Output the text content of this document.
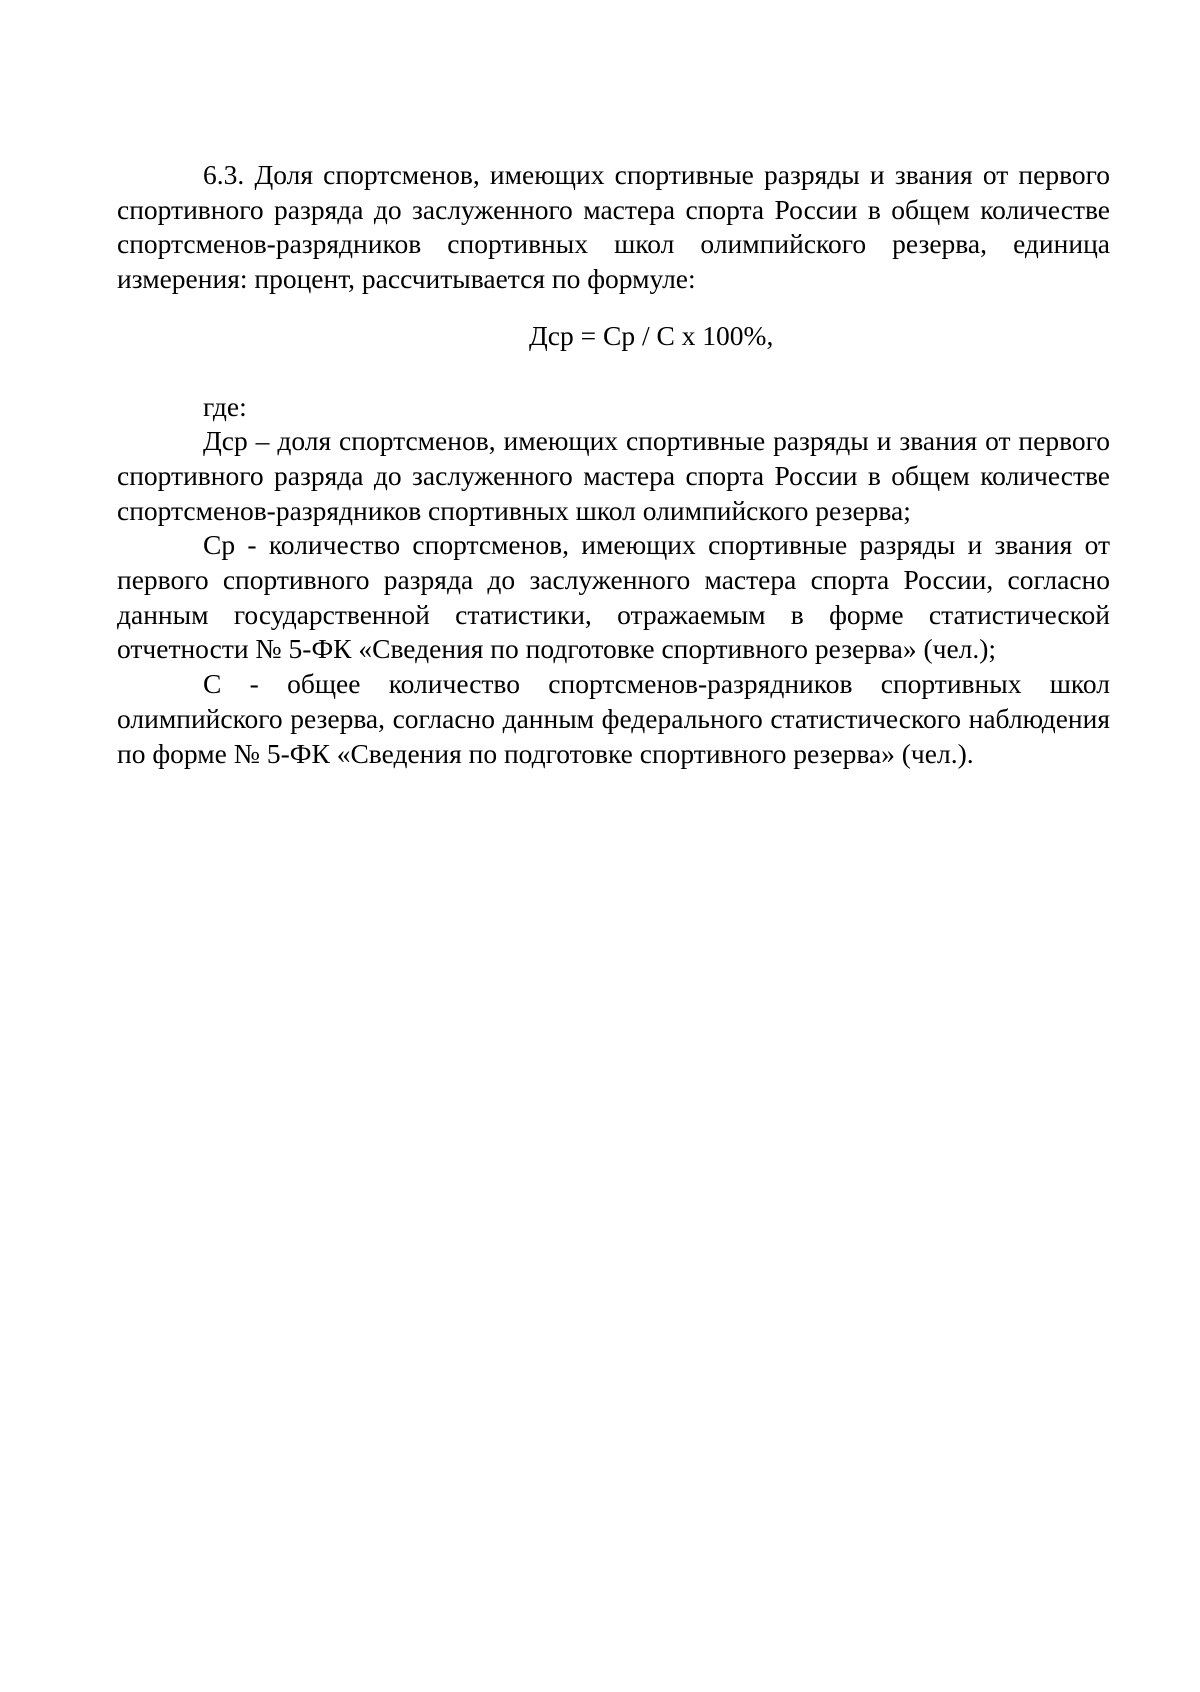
6.3. Доля спортсменов, имеющих спортивные разряды и звания от первого спортивного разряда до заслуженного мастера спорта России в общем количестве спортсменов-разрядников спортивных школ олимпийского резерва, единица измерения: процент, рассчитывается по формуле:

Дср = Ср / С x 100%,

где:

Дср – доля спортсменов, имеющих спортивные разряды и звания от первого спортивного разряда до заслуженного мастера спорта России в общем количестве спортсменов-разрядников спортивных школ олимпийского резерва;

Ср - количество спортсменов, имеющих спортивные разряды и звания от первого спортивного разряда до заслуженного мастера спорта России, согласно данным государственной статистики, отражаемым в форме статистической отчетности № 5-ФК «Сведения по подготовке спортивного резерва» (чел.);

С - общее количество спортсменов-разрядников спортивных школ олимпийского резерва, согласно данным федерального статистического наблюдения по форме № 5-ФК «Сведения по подготовке спортивного резерва» (чел.).
